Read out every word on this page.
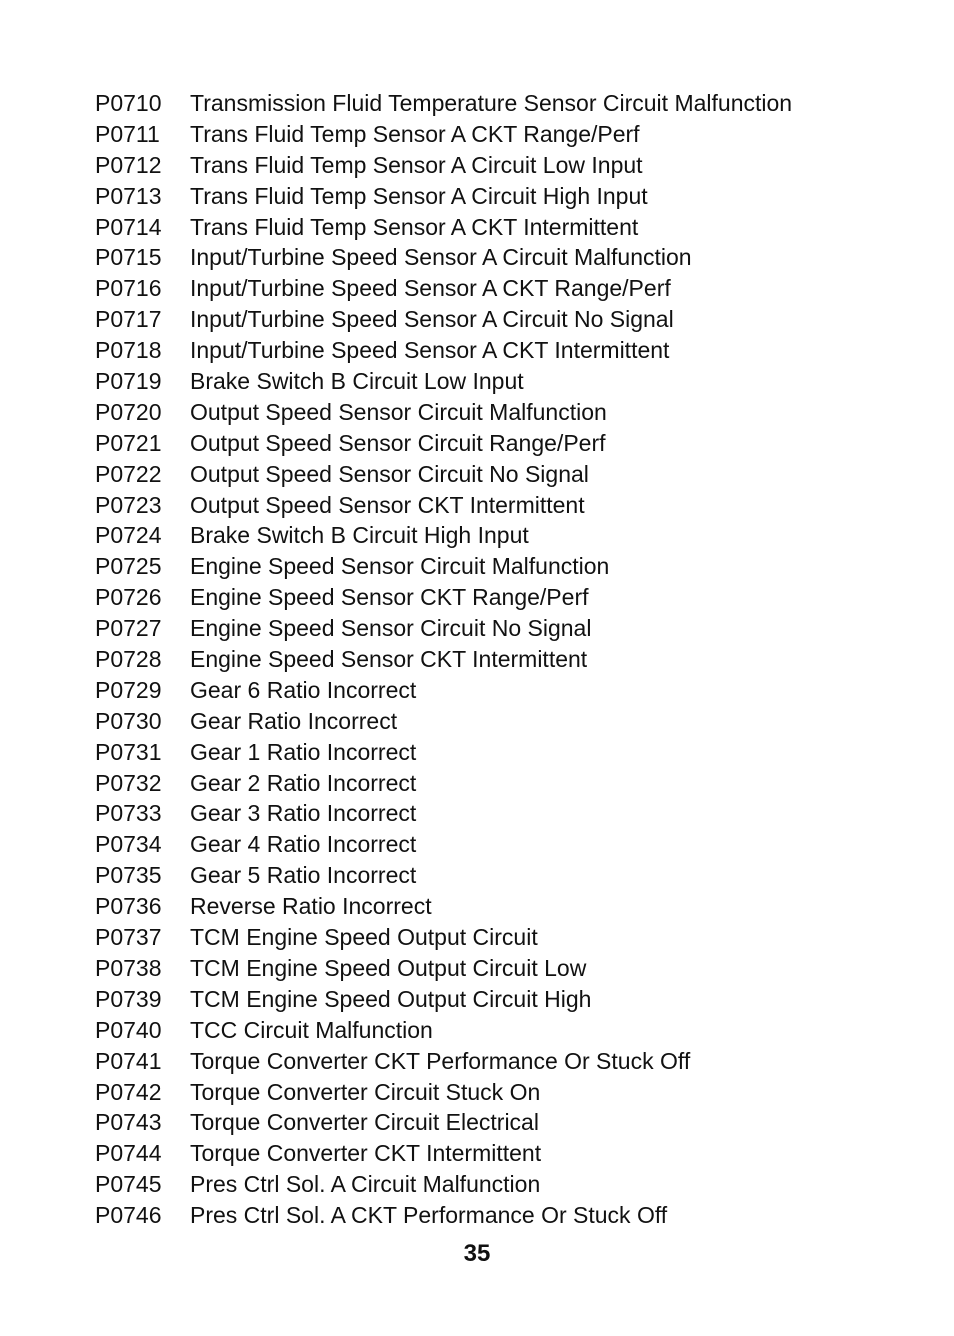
P0710	Transmission Fluid Temperature Sensor Circuit Malfunction
P0711	Trans Fluid Temp Sensor A CKT Range/Perf
P0712	Trans Fluid Temp Sensor A Circuit Low Input
P0713	Trans Fluid Temp Sensor A Circuit High Input
P0714	Trans Fluid Temp Sensor A CKT Intermittent
P0715	Input/Turbine Speed Sensor A Circuit Malfunction
P0716	Input/Turbine Speed Sensor A CKT Range/Perf
P0717	Input/Turbine Speed Sensor A Circuit No Signal
P0718	Input/Turbine Speed Sensor A CKT Intermittent
P0719	Brake Switch B Circuit Low Input
P0720	Output Speed Sensor Circuit Malfunction
P0721	Output Speed Sensor Circuit Range/Perf
P0722	Output Speed Sensor Circuit No Signal
P0723	Output Speed Sensor CKT Intermittent
P0724	Brake Switch B Circuit High Input
P0725	Engine Speed Sensor Circuit Malfunction
P0726	Engine Speed Sensor CKT Range/Perf
P0727	Engine Speed Sensor Circuit No Signal
P0728	Engine Speed Sensor CKT Intermittent
P0729	Gear 6 Ratio Incorrect
P0730	Gear Ratio Incorrect
P0731	Gear 1 Ratio Incorrect
P0732	Gear 2 Ratio Incorrect
P0733	Gear 3 Ratio Incorrect
P0734	Gear 4 Ratio Incorrect
P0735	Gear 5 Ratio Incorrect
P0736	Reverse Ratio Incorrect
P0737	TCM Engine Speed Output Circuit
P0738	TCM Engine Speed Output Circuit Low
P0739	TCM Engine Speed Output Circuit High
P0740	TCC Circuit Malfunction
P0741	Torque Converter CKT Performance Or Stuck Off
P0742	Torque Converter Circuit Stuck On
P0743	Torque Converter Circuit Electrical
P0744	Torque Converter CKT Intermittent
P0745	Pres Ctrl Sol. A Circuit Malfunction
P0746	Pres Ctrl Sol. A CKT Performance Or Stuck Off
35
